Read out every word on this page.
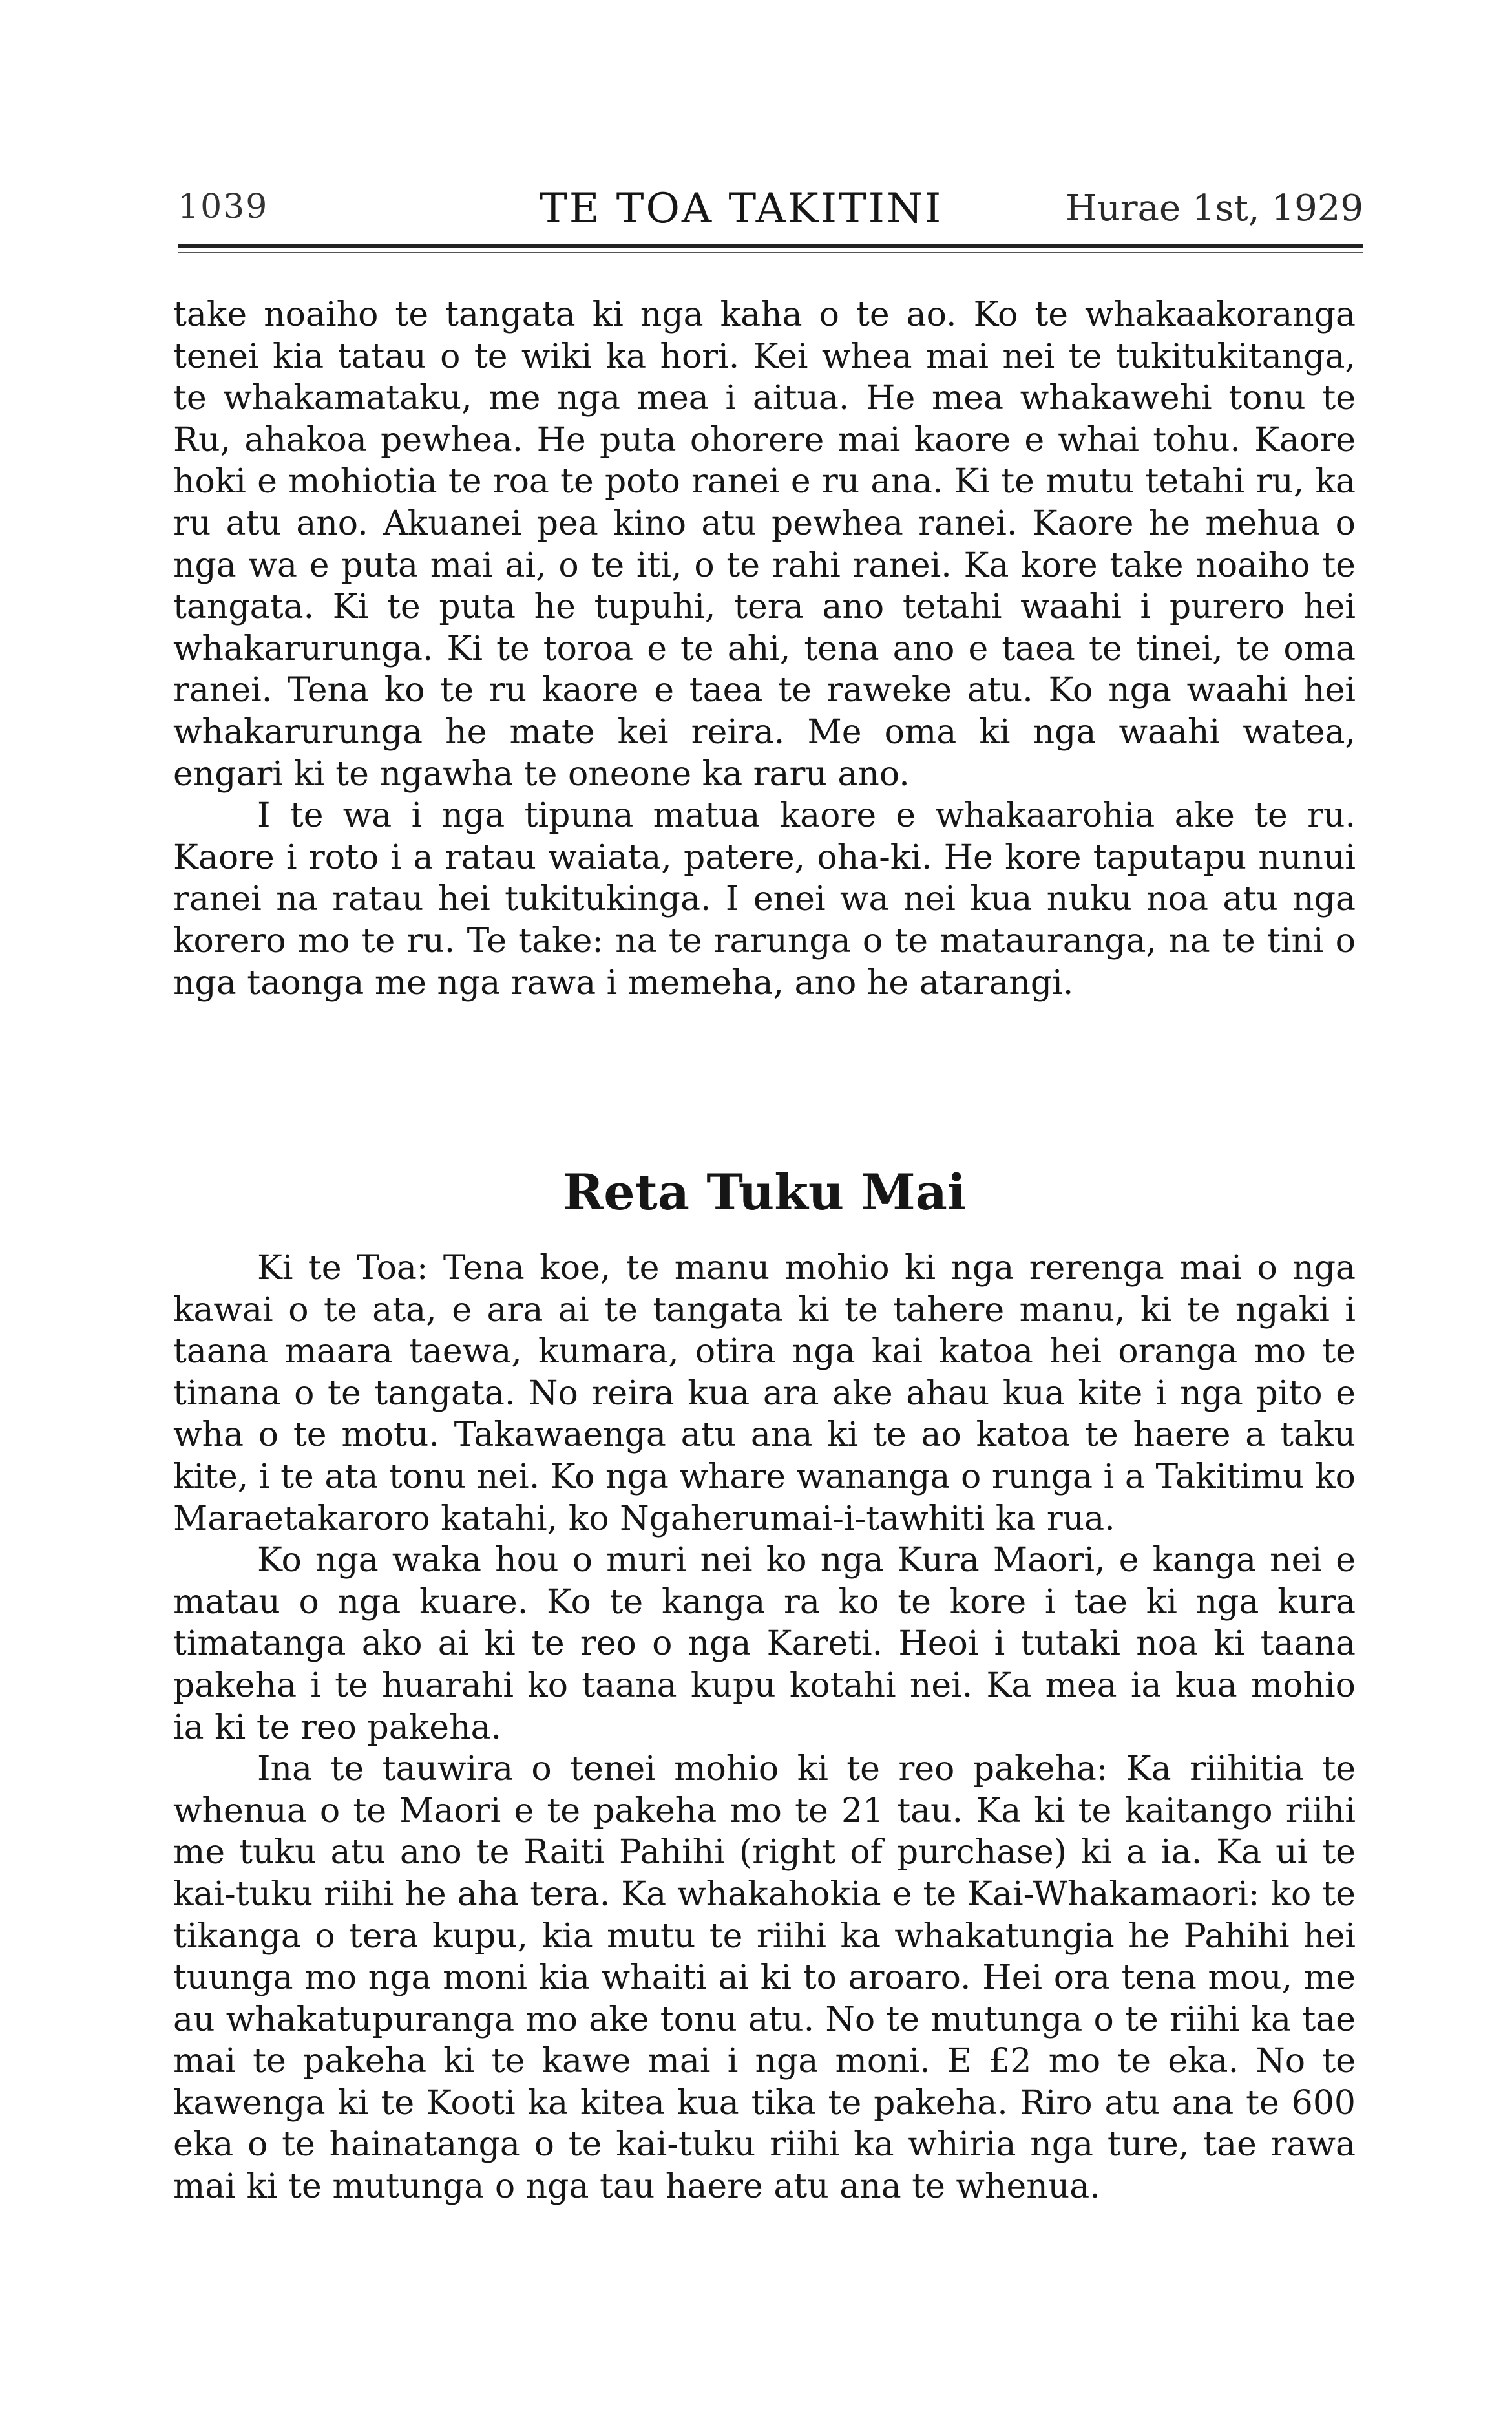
1039	TE TOA TAKITINI	Hurae 1st, 1929

take noaiho te tangata ki nga kaha o te ao. Ko te whakaakoranga tenei kia tatau o te wiki ka hori. Kei whea mai nei te tukitukitanga, te whakamataku, me nga mea i aitua. He mea whakawehi tonu te Ru, ahakoa pewhea. He puta ohorere mai kaore e whai tohu. Kaore hoki e mohiotia te roa te poto ranei e ru ana. Ki te mutu tetahi ru, ka ru atu ano. Akuanei pea kino atu pewhea ranei. Kaore he mehua o nga wa e puta mai ai, o te iti, o te rahi ranei. Ka kore take noaiho te tangata. Ki te puta he tupuhi, tera ano tetahi waahi i purero hei whakarurunga. Ki te toroa e te ahi, tena ano e taea te tinei, te oma ranei. Tena ko te ru kaore e taea te raweke atu. Ko nga waahi hei whakarurunga he mate kei reira. Me oma ki nga waahi watea, engari ki te ngawha te oneone ka raru ano.

I te wa i nga tipuna matua kaore e whakaarohia ake te ru. Kaore i roto i a ratau waiata, patere, oha-ki. He kore taputapu nunui ranei na ratau hei tukitukinga. I enei wa nei kua nuku noa atu nga korero mo te ru. Te take: na te rarunga o te matauranga, na te tini o nga taonga me nga rawa i memeha, ano he atarangi.

Reta Tuku Mai

Ki te Toa: Tena koe, te manu mohio ki nga rerenga mai o nga kawai o te ata, e ara ai te tangata ki te tahere manu, ki te ngaki i taana maara taewa, kumara, otira nga kai katoa hei oranga mo te tinana o te tangata. No reira kua ara ake ahau kua kite i nga pito e wha o te motu. Takawaenga atu ana ki te ao katoa te haere a taku kite, i te ata tonu nei. Ko nga whare wananga o runga i a Takitimu ko Maraetakaroro katahi, ko Ngaherumai-i-tawhiti ka rua.

Ko nga waka hou o muri nei ko nga Kura Maori, e kanga nei e matau o nga kuare. Ko te kanga ra ko te kore i tae ki nga kura timatanga ako ai ki te reo o nga Kareti. Heoi i tutaki noa ki taana pakeha i te huarahi ko taana kupu kotahi nei. Ka mea ia kua mohio ia ki te reo pakeha.

Ina te tauwira o tenei mohio ki te reo pakeha: Ka riihitia te whenua o te Maori e te pakeha mo te 21 tau. Ka ki te kaitango riihi me tuku atu ano te Raiti Pahihi (right of purchase) ki a ia. Ka ui te kai-tuku riihi he aha tera. Ka whakahokia e te Kai-Whakamaori: ko te tikanga o tera kupu, kia mutu te riihi ka whakatungia he Pahihi hei tuunga mo nga moni kia whaiti ai ki to aroaro. Hei ora tena mou, me au whakatupuranga mo ake tonu atu. No te mutunga o te riihi ka tae mai te pakeha ki te kawe mai i nga moni. E £2 mo te eka. No te kawenga ki te Kooti ka kitea kua tika te pakeha. Riro atu ana te 600 eka o te hainatanga o te kai-tuku riihi ka whiria nga ture, tae rawa mai ki te mutunga o nga tau haere atu ana te whenua.
